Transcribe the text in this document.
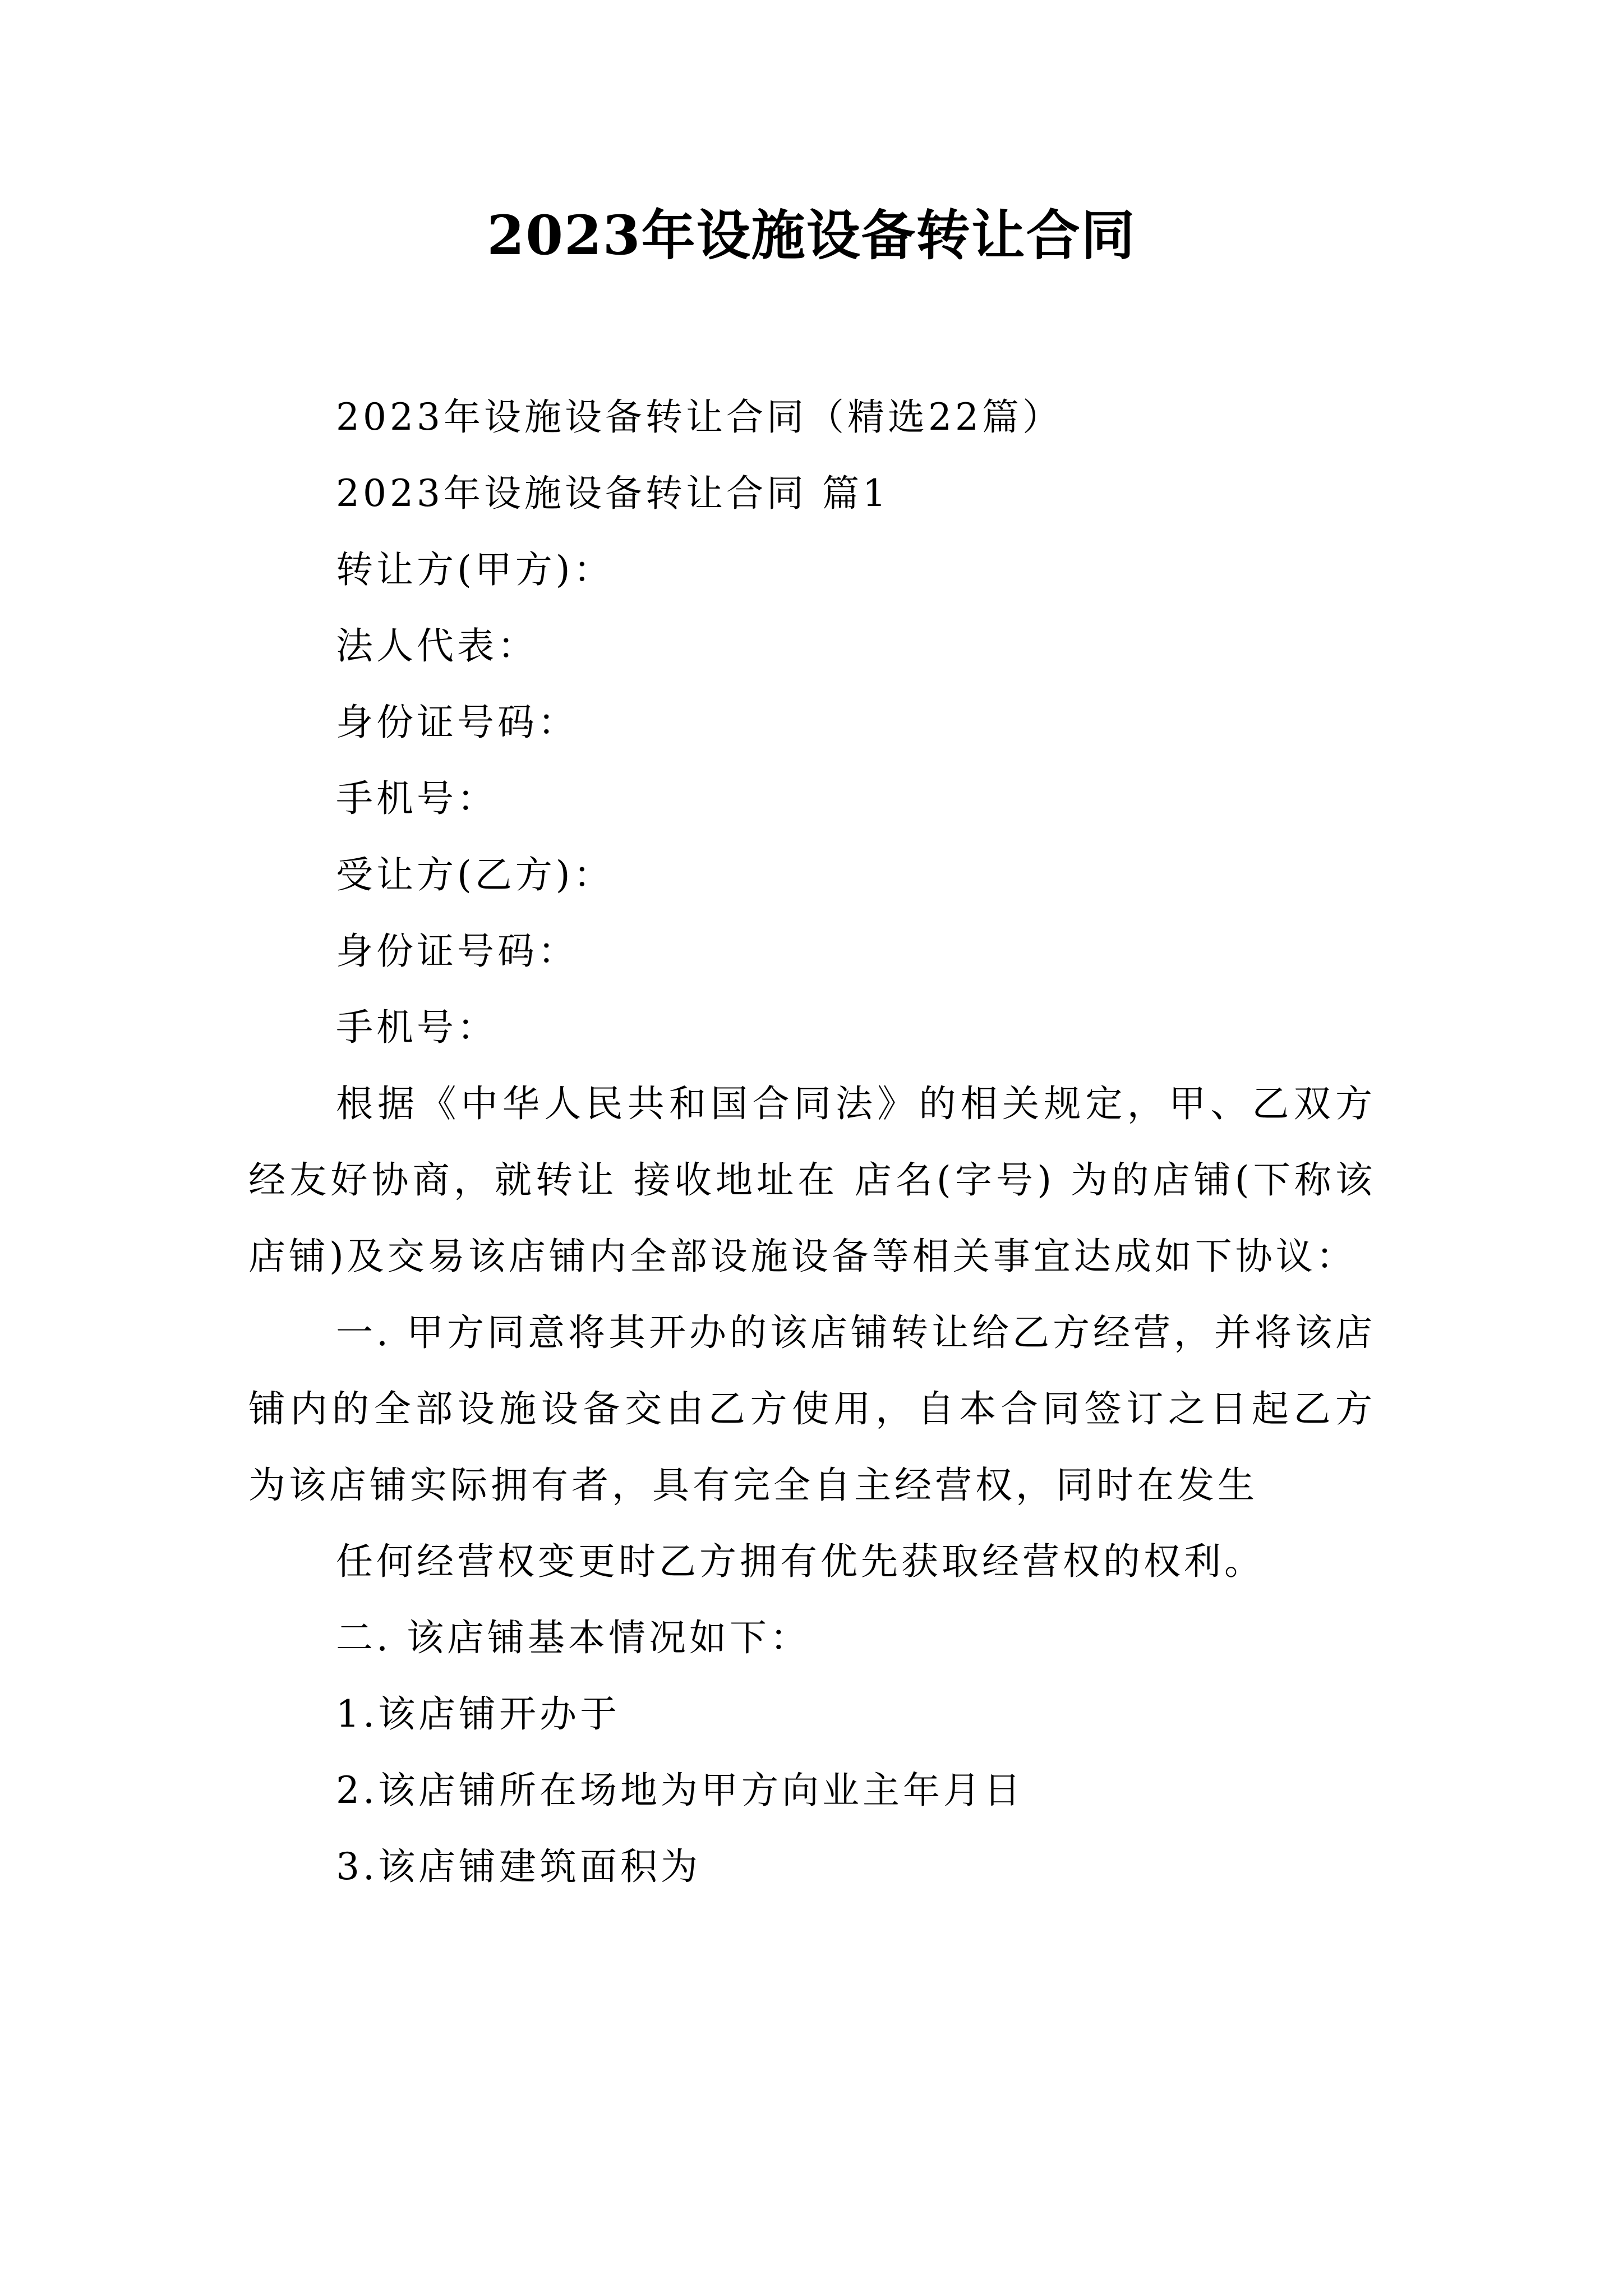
2023年设施设备转让合同
2023年设施设备转让合同（精选22篇）
2023年设施设备转让合同 篇1
转让方(甲方)：
法人代表：
身份证号码：
手机号：
受让方(乙方)：
身份证号码：
手机号：
根据《中华人民共和国合同法》的相关规定，甲、乙双方经友好协商，就转让 接收地址在 店名(字号) 为的店铺(下称该店铺)及交易该店铺内全部设施设备等相关事宜达成如下协议：
一. 甲方同意将其开办的该店铺转让给乙方经营，并将该店铺内的全部设施设备交由乙方使用，自本合同签订之日起乙方为该店铺实际拥有者，具有完全自主经营权，同时在发生
任何经营权变更时乙方拥有优先获取经营权的权利。
二. 该店铺基本情况如下：
1.该店铺开办于
2.该店铺所在场地为甲方向业主年月日
3.该店铺建筑面积为
